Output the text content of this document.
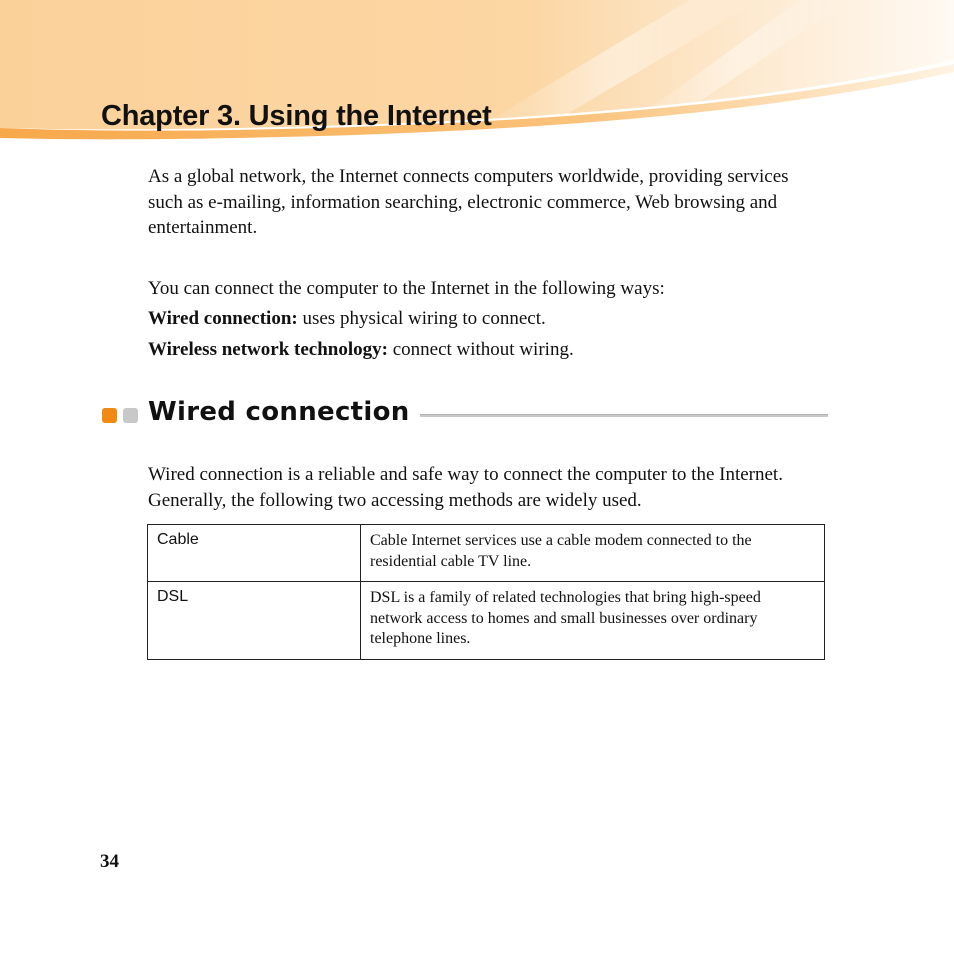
Chapter 3. Using the Internet

As a global network, the Internet connects computers worldwide, providing services such as e-mailing, information searching, electronic commerce, Web browsing and entertainment.

You can connect the computer to the Internet in the following ways:

Wired connection: uses physical wiring to connect.

Wireless network technology: connect without wiring.

Wired connection

Wired connection is a reliable and safe way to connect the computer to the Internet. Generally, the following two accessing methods are widely used.

Cable	Cable Internet services use a cable modem connected to the residential cable TV line.
DSL	DSL is a family of related technologies that bring high-speed network access to homes and small businesses over ordinary telephone lines.

34
